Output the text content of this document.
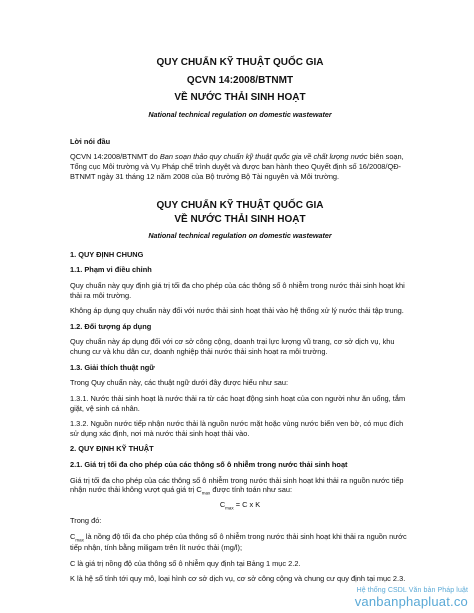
QUY CHUẨN KỸ THUẬT QUỐC GIA

QCVN 14:2008/BTNMT

VỀ NƯỚC THẢI SINH HOẠT

National technical regulation on domestic wastewater

Lời nói đầu

QCVN 14:2008/BTNMT do Ban soạn thảo quy chuẩn kỹ thuật quốc gia về chất lượng nước biên soạn, Tổng cục Môi trường và Vụ Pháp chế trình duyệt và được ban hành theo Quyết định số 16/2008/QĐ-BTNMT ngày 31 tháng 12 năm 2008 của Bộ trưởng Bộ Tài nguyên và Môi trường.

QUY CHUẨN KỸ THUẬT QUỐC GIA

VỀ NƯỚC THẢI SINH HOẠT

National technical regulation on domestic wastewater

1. QUY ĐỊNH CHUNG

1.1. Phạm vi điều chỉnh

Quy chuẩn này quy định giá trị tối đa cho phép của các thông số ô nhiễm trong nước thải sinh hoạt khi thải ra môi trường.

Không áp dụng quy chuẩn này đối với nước thải sinh hoạt thải vào hệ thống xử lý nước thải tập trung.

1.2. Đối tượng áp dụng

Quy chuẩn này áp dụng đối với cơ sở công cộng, doanh trại lực lượng vũ trang, cơ sở dịch vụ, khu chung cư và khu dân cư, doanh nghiệp thải nước thải sinh hoạt ra môi trường.

1.3. Giải thích thuật ngữ

Trong Quy chuẩn này, các thuật ngữ dưới đây được hiểu như sau:

1.3.1. Nước thải sinh hoạt là nước thải ra từ các hoạt động sinh hoạt của con người như ăn uống, tắm giặt, vệ sinh cá nhân.

1.3.2. Nguồn nước tiếp nhận nước thải là nguồn nước mặt hoặc vùng nước biển ven bờ, có mục đích sử dụng xác định, nơi mà nước thải sinh hoạt thải vào.

2. QUY ĐỊNH KỸ THUẬT

2.1. Giá trị tối đa cho phép của các thông số ô nhiễm trong nước thải sinh hoạt

Giá trị tối đa cho phép của các thông số ô nhiễm trong nước thải sinh hoạt khi thải ra nguồn nước tiếp nhận nước thải không vượt quá giá trị $C_{max}$ được tính toán như sau:

$C_{max} = C$ x K

Trong đó:

$C_{max}$ là nồng độ tối đa cho phép của thông số ô nhiễm trong nước thải sinh hoạt khi thải ra nguồn nước tiếp nhận, tính bằng miligam trên lít nước thải (mg/l);

C là giá trị nồng độ của thông số ô nhiễm quy định tại Bảng 1 mục 2.2.

K là hệ số tính tới quy mô, loại hình cơ sở dịch vụ, cơ sở công cộng và chung cư quy định tại mục 2.3.

Hệ thống CSDL Văn bản Pháp luật
vanbanphapluat.co
